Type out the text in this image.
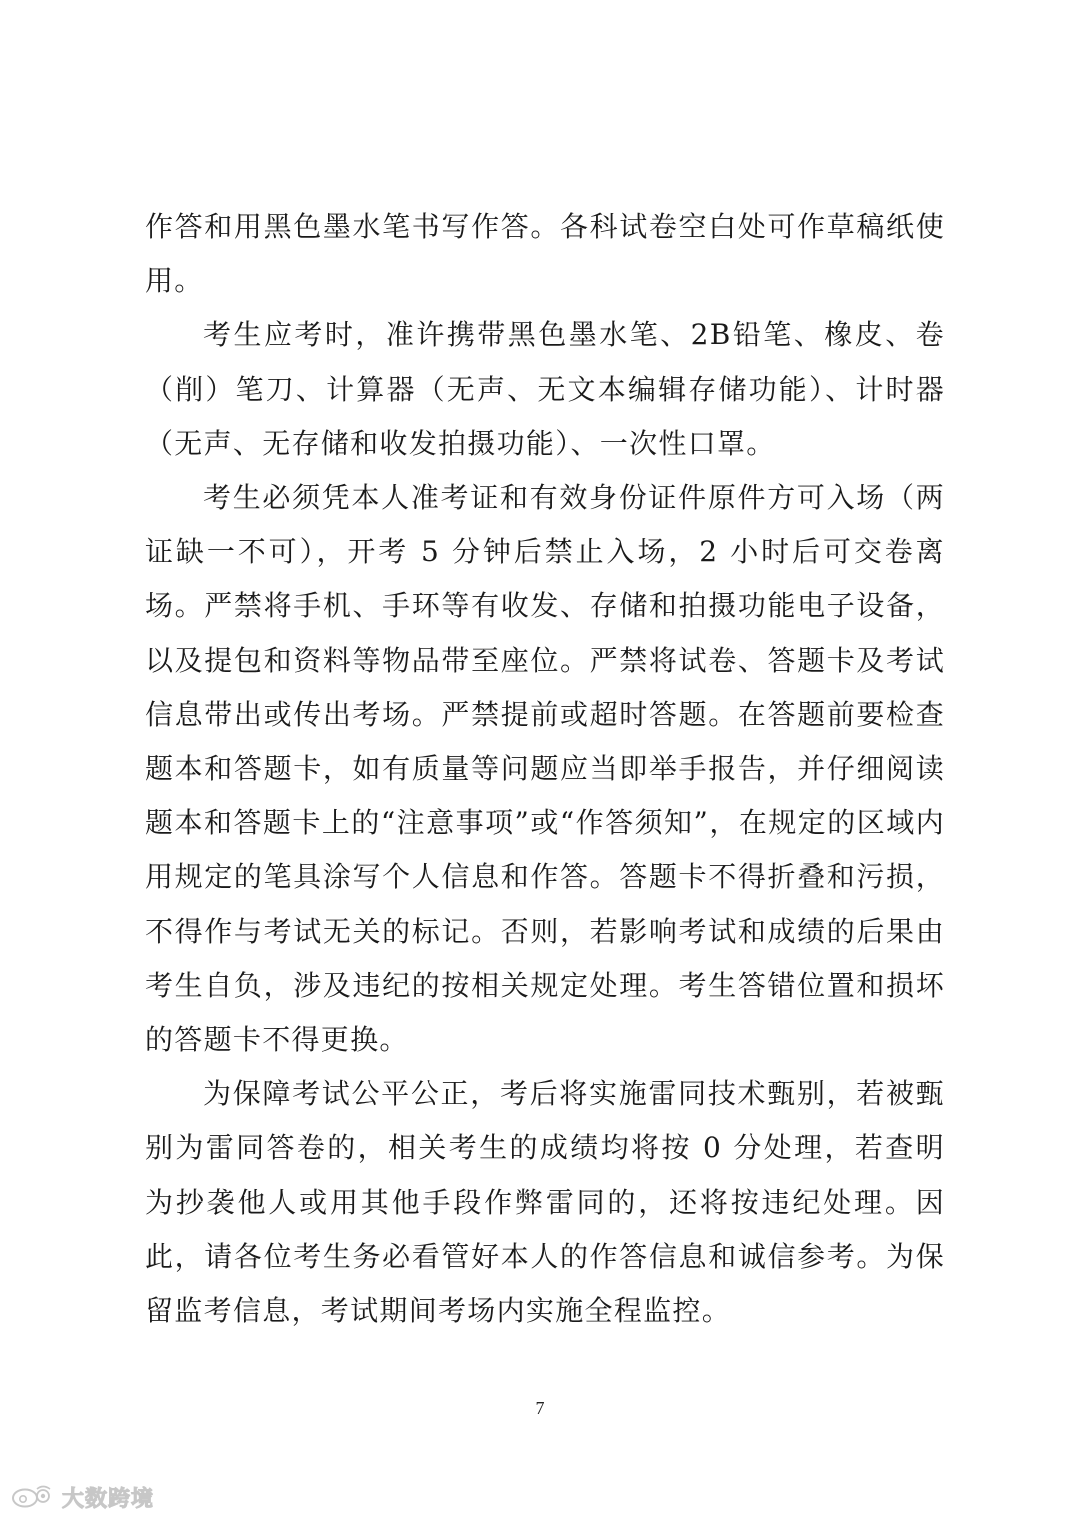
作答和用黑色墨水笔书写作答。各科试卷空白处可作草稿纸使用。

考生应考时，准许携带黑色墨水笔、2B铅笔、橡皮、卷（削）笔刀、计算器（无声、无文本编辑存储功能）、计时器（无声、无存储和收发拍摄功能）、一次性口罩。

考生必须凭本人准考证和有效身份证件原件方可入场（两证缺一不可），开考 5 分钟后禁止入场，2 小时后可交卷离场。严禁将手机、手环等有收发、存储和拍摄功能电子设备，以及提包和资料等物品带至座位。严禁将试卷、答题卡及考试信息带出或传出考场。严禁提前或超时答题。在答题前要检查题本和答题卡，如有质量等问题应当即举手报告，并仔细阅读题本和答题卡上的“注意事项”或“作答须知”，在规定的区域内用规定的笔具涂写个人信息和作答。答题卡不得折叠和污损，不得作与考试无关的标记。否则，若影响考试和成绩的后果由考生自负，涉及违纪的按相关规定处理。考生答错位置和损坏的答题卡不得更换。

为保障考试公平公正，考后将实施雷同技术甄别，若被甄别为雷同答卷的，相关考生的成绩均将按 0 分处理，若查明为抄袭他人或用其他手段作弊雷同的，还将按违纪处理。因此，请各位考生务必看管好本人的作答信息和诚信参考。为保留监考信息，考试期间考场内实施全程监控。

7
大数跨境
